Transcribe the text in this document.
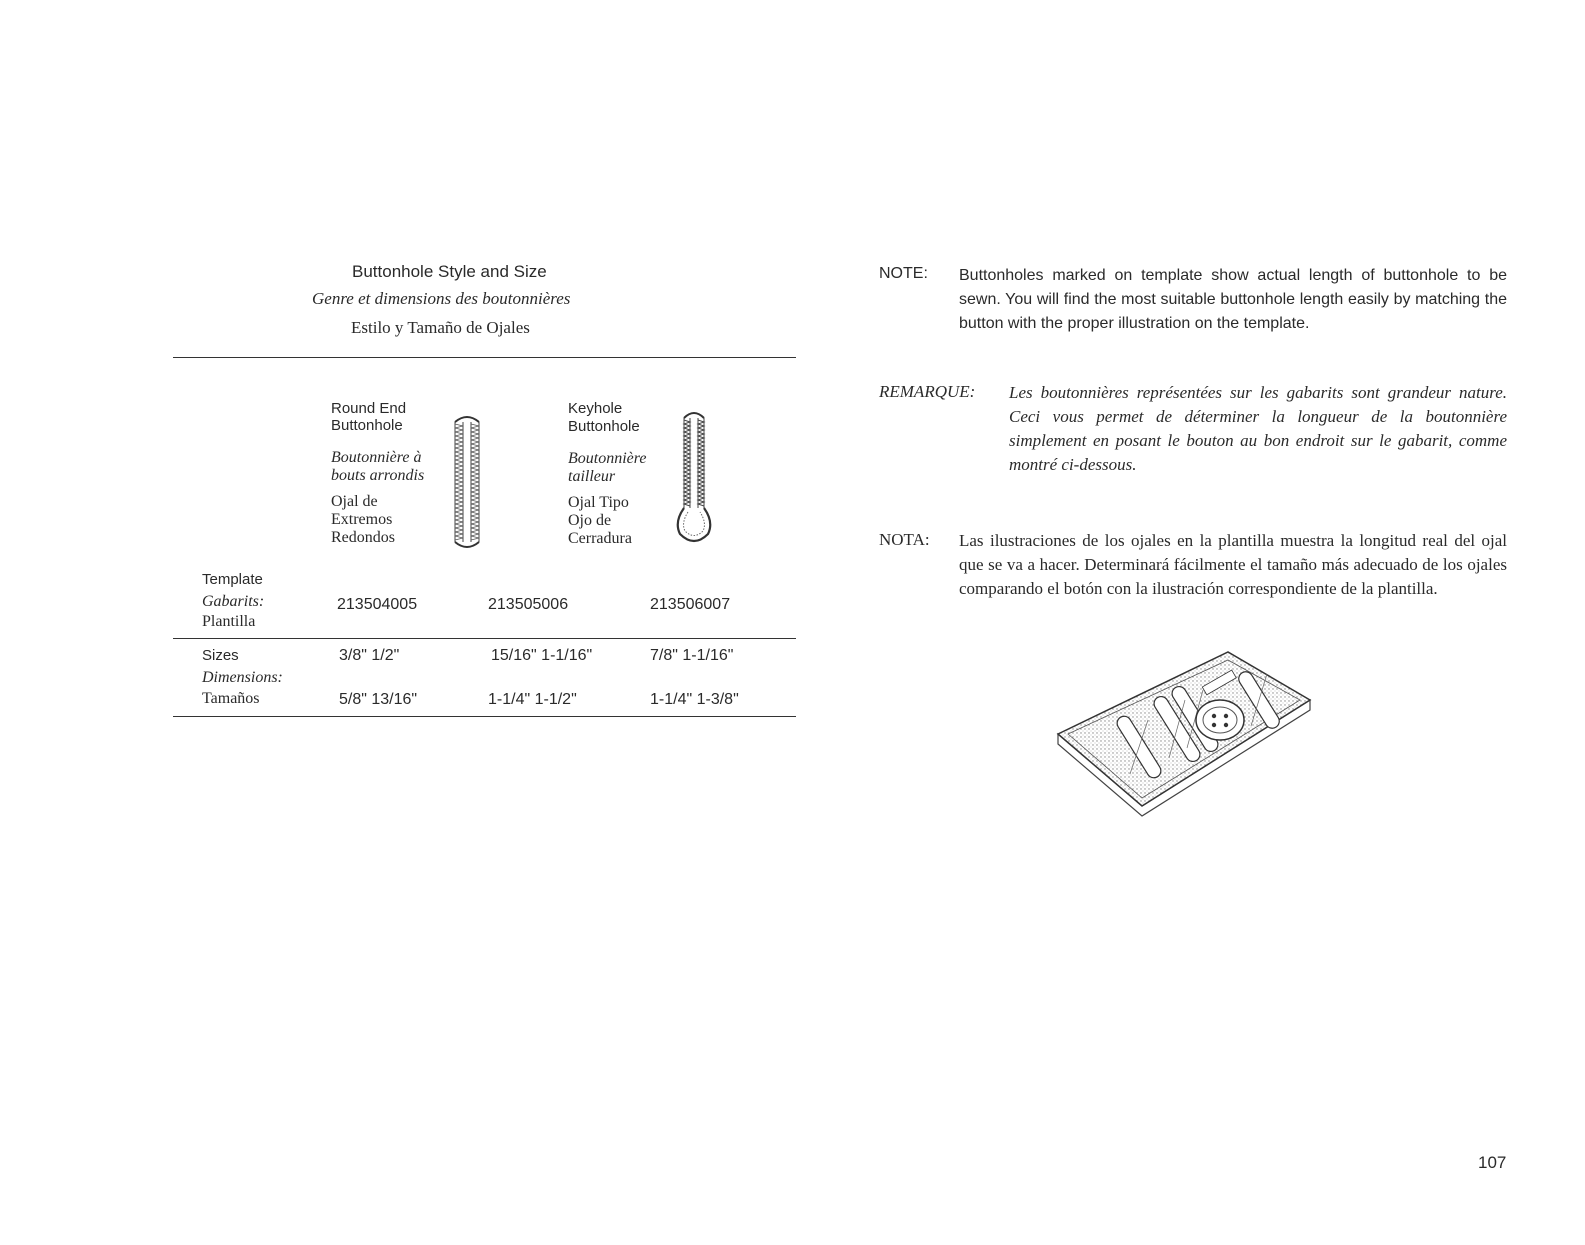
Buttonhole Style and Size
Genre et dimensions des boutonnières
Estilo y Tamaño de Ojales
Round End
Buttonhole
Boutonnière à
bouts arrondis
Ojal de
Extremos
Redondos
Keyhole
Buttonhole
Boutonnière
tailleur
Ojal Tipo
Ojo de
Cerradura
Template
Gabarits:
Plantilla
213504005	213505006	213506007
Sizes
Dimensions:
Tamaños
3/8" 1/2"	15/16" 1-1/16"	7/8" 1-1/16"
5/8" 13/16"	1-1/4" 1-1/2"	1-1/4" 1-3/8"
NOTE: Buttonholes marked on template show actual length of buttonhole to be sewn. You will find the most suitable buttonhole length easily by matching the button with the proper illustration on the template.
REMARQUE: Les boutonnières représentées sur les gabarits sont grandeur nature. Ceci vous permet de déterminer la longueur de la boutonnière simplement en posant le bouton au bon endroit sur le gabarit, comme montré ci-dessous.
NOTA: Las ilustraciones de los ojales en la plantilla muestra la longitud real del ojal que se va a hacer. Determinará fácilmente el tamaño más adecuado de los ojales comparando el botón con la ilustración correspondiente de la plantilla.
107
